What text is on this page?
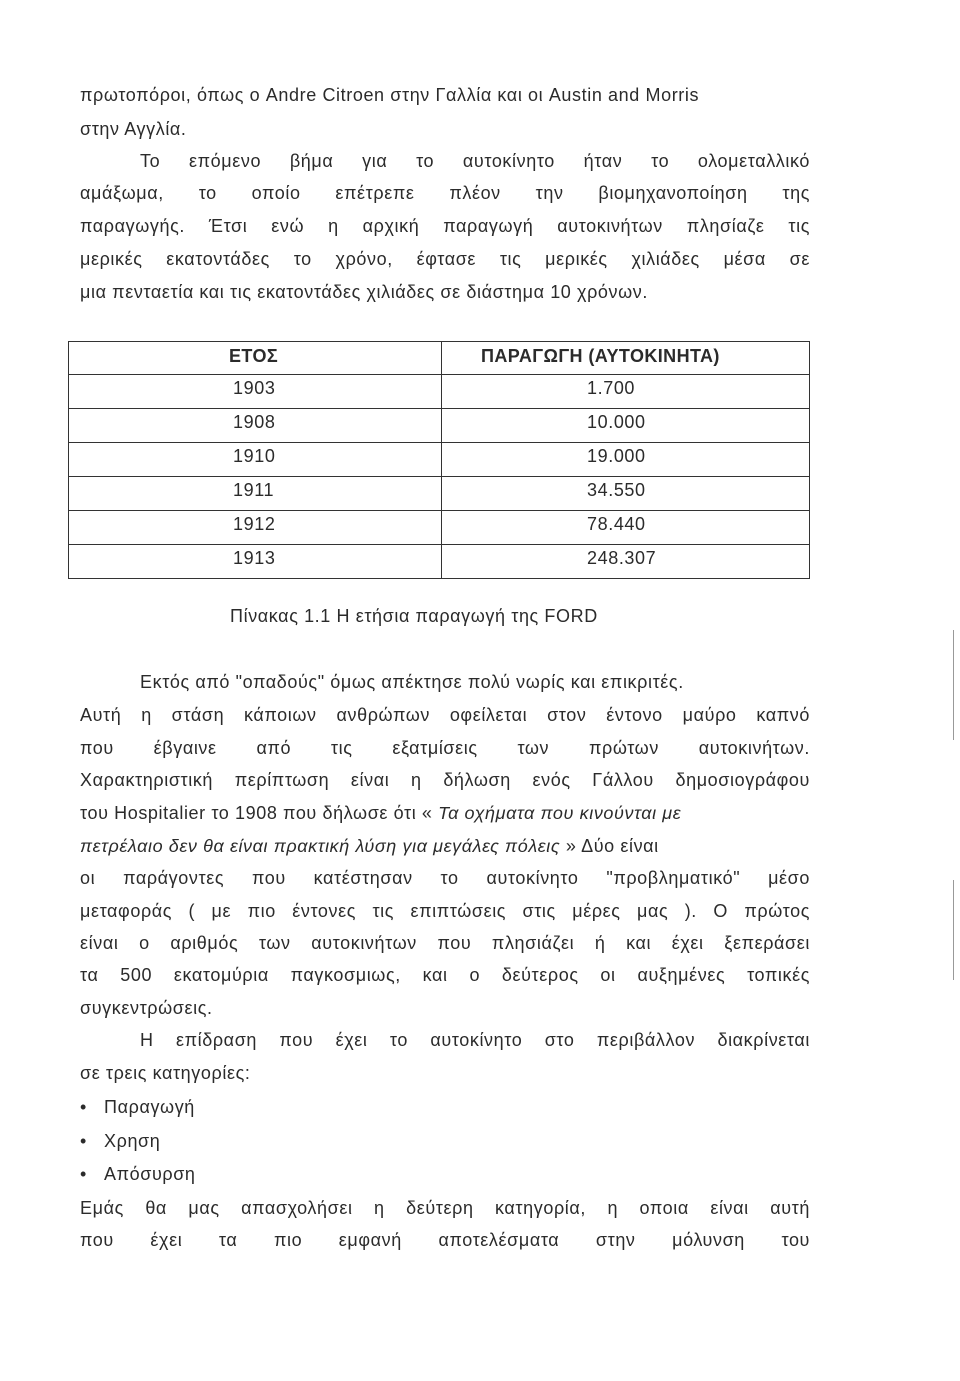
πρωτοπόροι, όπως ο Andre Citroen στην Γαλλία και οι Austin and Morris
στην Αγγλία.
Το επόμενο βήμα για το αυτοκίνητο ήταν το ολομεταλλικό
αμάξωμα, το οποίο επέτρεπε πλέον την βιομηχανοποίηση της
παραγωγής. Έτσι ενώ η αρχική παραγωγή αυτοκινήτων πλησίαζε τις
μερικές εκατοντάδες το χρόνο, έφτασε τις μερικές χιλιάδες μέσα σε
μια πενταετία και τις εκατοντάδες χιλιάδες σε διάστημα 10 χρόνων.
ΕΤΟΣ	ΠΑΡΑΓΩΓΗ (ΑΥΤΟΚΙΝΗΤΑ)
1903	1.700
1908	10.000
1910	19.000
1911	34.550
1912	78.440
1913	248.307
Πίνακας 1.1 Η ετήσια παραγωγή της FORD
Εκτός από "οπαδούς" όμως απέκτησε πολύ νωρίς και επικριτές.
Αυτή η στάση κάποιων ανθρώπων οφείλεται στον έντονο μαύρο καπνό
που έβγαινε από τις εξατμίσεις των πρώτων αυτοκινήτων.
Χαρακτηριστική περίπτωση είναι η δήλωση ενός Γάλλου δημοσιογράφου
του Hospitalier το 1908 που δήλωσε ότι « Τα οχήματα που κινούνται με
πετρέλαιο δεν θα είναι πρακτική λύση για μεγάλες πόλεις » Δύο είναι
οι παράγοντες που κατέστησαν το αυτοκίνητο "προβληματικό" μέσο
μεταφοράς ( με πιο έντονες τις επιπτώσεις στις μέρες μας ). Ο πρώτος
είναι ο αριθμός των αυτοκινήτων που πλησιάζει ή και έχει ξεπεράσει
τα 500 εκατομύρια παγκοσμιως, και ο δεύτερος οι αυξημένες τοπικές
συγκεντρώσεις.
Η επίδραση που έχει το αυτοκίνητο στο περιβάλλον διακρίνεται
σε τρεις κατηγορίες:
• Παραγωγή
• Χρηση
• Απόσυρση
Εμάς θα μας απασχολήσει η δεύτερη κατηγορία, η οποια είναι αυτή
που έχει τα πιο εμφανή αποτελέσματα στην μόλυνση του
